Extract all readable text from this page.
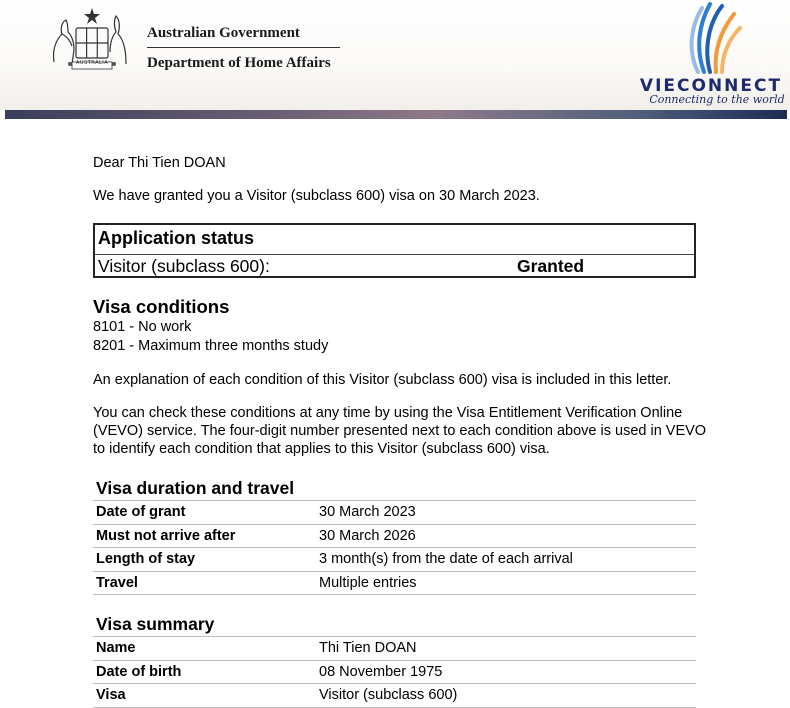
AUSTRALIA
Australian Government
Department of Home Affairs
VIECONNECT
Connecting to the world
Dear Thi Tien DOAN
We have granted you a Visitor (subclass 600) visa on 30 March 2023.
Application status
Visitor (subclass 600):	Granted
Visa conditions
8101 - No work
8201 - Maximum three months study
An explanation of each condition of this Visitor (subclass 600) visa is included in this letter.
You can check these conditions at any time by using the Visa Entitlement Verification Online (VEVO) service. The four-digit number presented next to each condition above is used in VEVO to identify each condition that applies to this Visitor (subclass 600) visa.
Visa duration and travel
Date of grant	30 March 2023
Must not arrive after	30 March 2026
Length of stay	3 month(s) from the date of each arrival
Travel	Multiple entries
Visa summary
Name	Thi Tien DOAN
Date of birth	08 November 1975
Visa	Visitor (subclass 600)
